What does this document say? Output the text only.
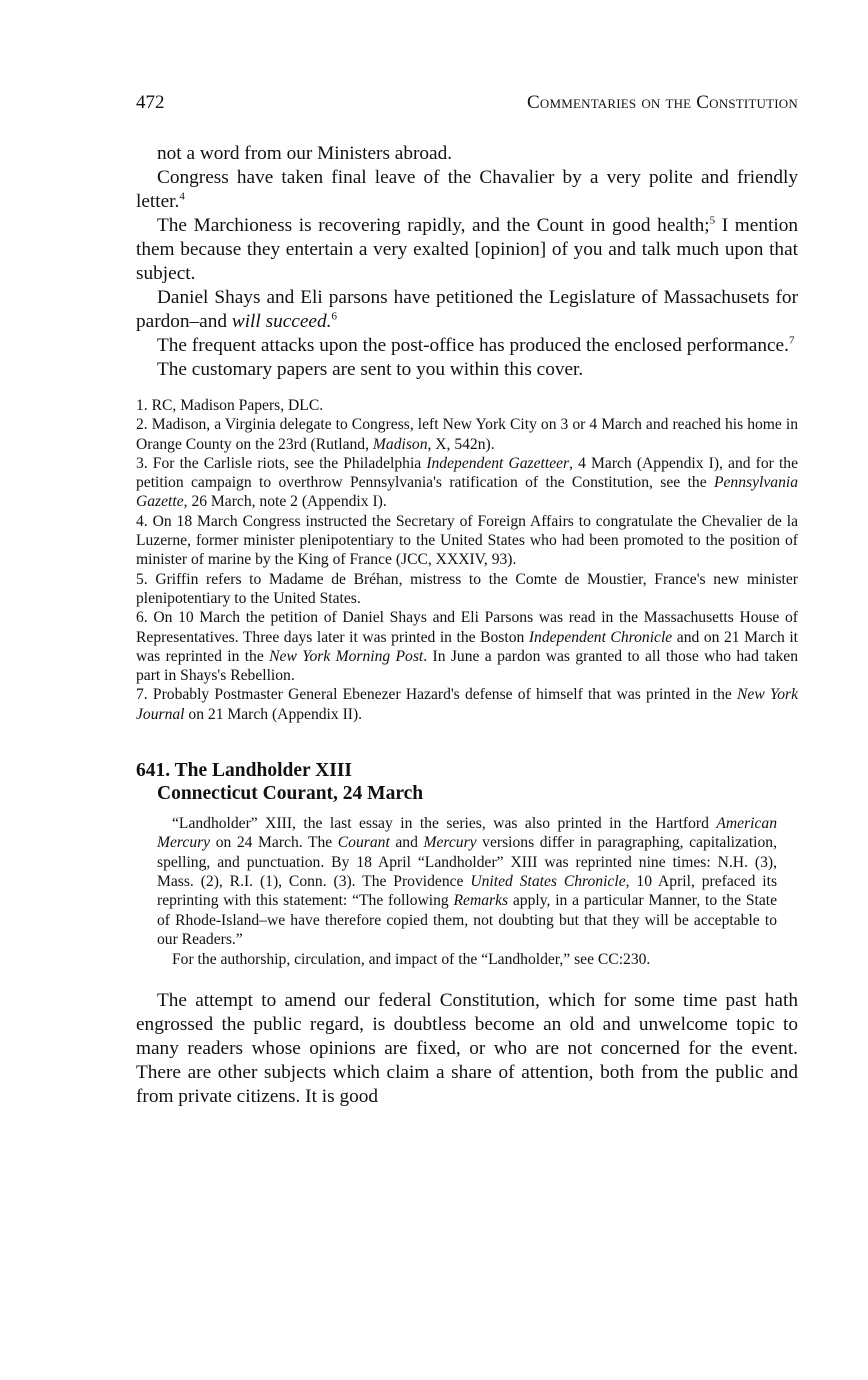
472	Commentaries on the Constitution

not a word from our Ministers abroad.

Congress have taken final leave of the Chavalier by a very polite and friendly letter.$^4$

The Marchioness is recovering rapidly, and the Count in good health;$^5$ I mention them because they entertain a very exalted [opinion] of you and talk much upon that subject.

Daniel Shays and Eli parsons have petitioned the Legislature of Massachusets for pardon–and will succeed.$^6$

The frequent attacks upon the post-office has produced the enclosed performance.$^7$

The customary papers are sent to you within this cover.

1. RC, Madison Papers, DLC.

2. Madison, a Virginia delegate to Congress, left New York City on 3 or 4 March and reached his home in Orange County on the 23rd (Rutland, Madison, X, 542n).

3. For the Carlisle riots, see the Philadelphia Independent Gazetteer, 4 March (Appendix I), and for the petition campaign to overthrow Pennsylvania's ratification of the Constitution, see the Pennsylvania Gazette, 26 March, note 2 (Appendix I).

4. On 18 March Congress instructed the Secretary of Foreign Affairs to congratulate the Chevalier de la Luzerne, former minister plenipotentiary to the United States who had been promoted to the position of minister of marine by the King of France (JCC, XXXIV, 93).

5. Griffin refers to Madame de Bréhan, mistress to the Comte de Moustier, France's new minister plenipotentiary to the United States.

6. On 10 March the petition of Daniel Shays and Eli Parsons was read in the Massachusetts House of Representatives. Three days later it was printed in the Boston Independent Chronicle and on 21 March it was reprinted in the New York Morning Post. In June a pardon was granted to all those who had taken part in Shays's Rebellion.

7. Probably Postmaster General Ebenezer Hazard's defense of himself that was printed in the New York Journal on 21 March (Appendix II).

641. The Landholder XIII

Connecticut Courant, 24 March

“Landholder” XIII, the last essay in the series, was also printed in the Hartford American Mercury on 24 March. The Courant and Mercury versions differ in paragraphing, capitalization, spelling, and punctuation. By 18 April “Landholder” XIII was reprinted nine times: N.H. (3), Mass. (2), R.I. (1), Conn. (3). The Providence United States Chronicle, 10 April, prefaced its reprinting with this statement: “The following Remarks apply, in a particular Manner, to the State of Rhode-Island–we have therefore copied them, not doubting but that they will be acceptable to our Readers.”

For the authorship, circulation, and impact of the “Landholder,” see CC:230.

The attempt to amend our federal Constitution, which for some time past hath engrossed the public regard, is doubtless become an old and unwelcome topic to many readers whose opinions are fixed, or who are not concerned for the event. There are other subjects which claim a share of attention, both from the public and from private citizens. It is good
